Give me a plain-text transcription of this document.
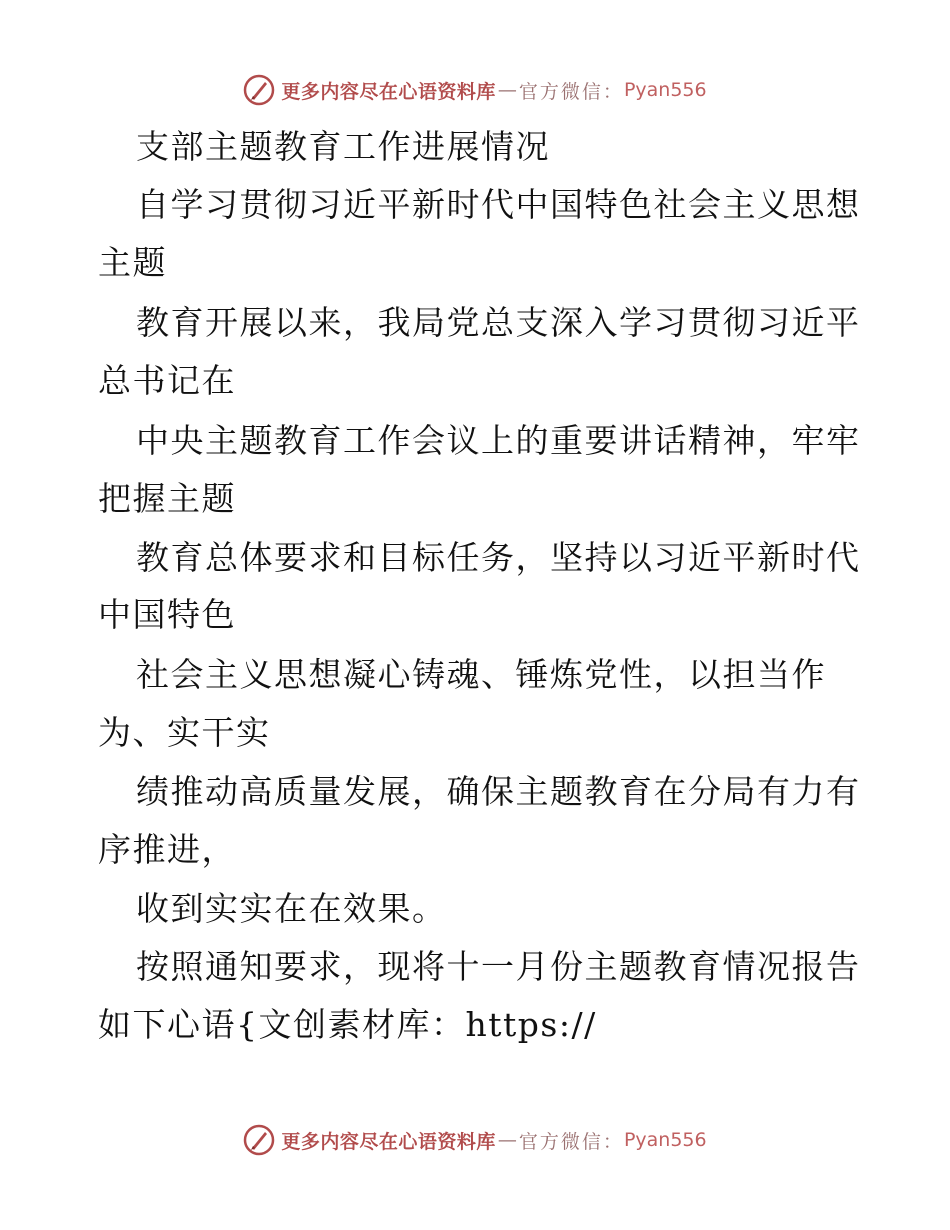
更多内容尽在心语资料库 — 官方微信： Pyan556
支部主题教育工作进展情况
自学习贯彻习近平新时代中国特色社会主义思想
主题
教育开展以来，我局党总支深入学习贯彻习近平
总书记在
中央主题教育工作会议上的重要讲话精神，牢牢
把握主题
教育总体要求和目标任务，坚持以习近平新时代
中国特色
社会主义思想凝心铸魂、锤炼党性，以担当作
为、实干实
绩推动高质量发展，确保主题教育在分局有力有
序推进，
收到实实在在效果。
按照通知要求，现将十一月份主题教育情况报告
如下心语{文创素材库：https://
更多内容尽在心语资料库 — 官方微信： Pyan556
